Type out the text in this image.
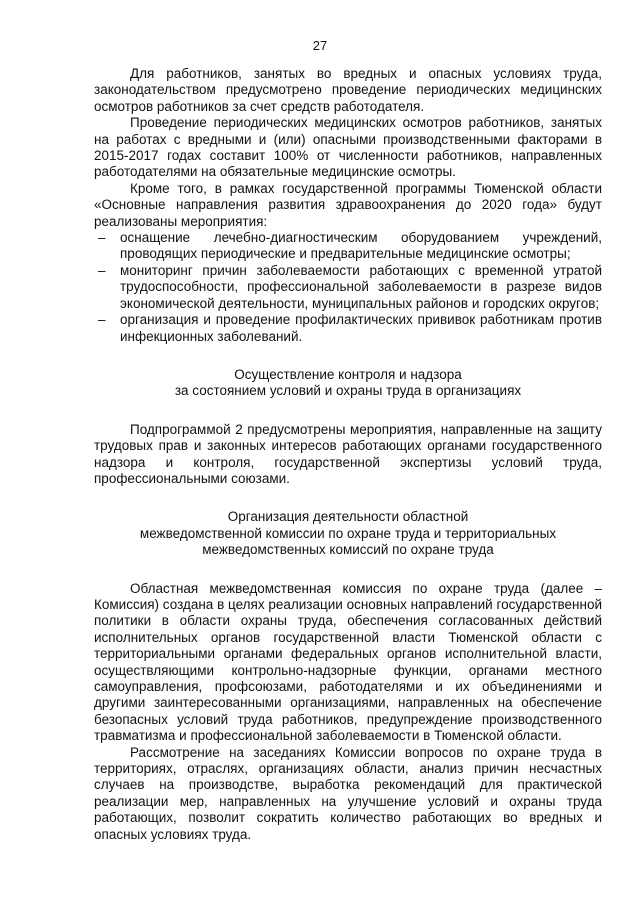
27

Для работников, занятых во вредных и опасных условиях труда, законодательством предусмотрено проведение периодических медицинских осмотров работников за счет средств работодателя.

Проведение периодических медицинских осмотров работников, занятых на работах с вредными и (или) опасными производственными факторами в 2015-2017 годах составит 100% от численности работников, направленных работодателями на обязательные медицинские осмотры.

Кроме того, в рамках государственной программы Тюменской области «Основные направления развития здравоохранения до 2020 года» будут реализованы мероприятия:

– оснащение лечебно-диагностическим оборудованием учреждений, проводящих периодические и предварительные медицинские осмотры;
– мониторинг причин заболеваемости работающих с временной утратой трудоспособности, профессиональной заболеваемости в разрезе видов экономической деятельности, муниципальных районов и городских округов;
– организация и проведение профилактических прививок работникам против инфекционных заболеваний.

Осуществление контроля и надзора

за состоянием условий и охраны труда в организациях

Подпрограммой 2 предусмотрены мероприятия, направленные на защиту трудовых прав и законных интересов работающих органами государственного надзора и контроля, государственной экспертизы условий труда, профессиональными союзами.

Организация деятельности областной

межведомственной комиссии по охране труда и территориальных

межведомственных комиссий по охране труда

Областная межведомственная комиссия по охране труда (далее – Комиссия) создана в целях реализации основных направлений государственной политики в области охраны труда, обеспечения согласованных действий исполнительных органов государственной власти Тюменской области с территориальными органами федеральных органов исполнительной власти, осуществляющими контрольно-надзорные функции, органами местного самоуправления, профсоюзами, работодателями и их объединениями и другими заинтересованными организациями, направленных на обеспечение безопасных условий труда работников, предупреждение производственного травматизма и профессиональной заболеваемости в Тюменской области.

Рассмотрение на заседаниях Комиссии вопросов по охране труда в территориях, отраслях, организациях области, анализ причин несчастных случаев на производстве, выработка рекомендаций для практической реализации мер, направленных на улучшение условий и охраны труда работающих, позволит сократить количество работающих во вредных и опасных условиях труда.
